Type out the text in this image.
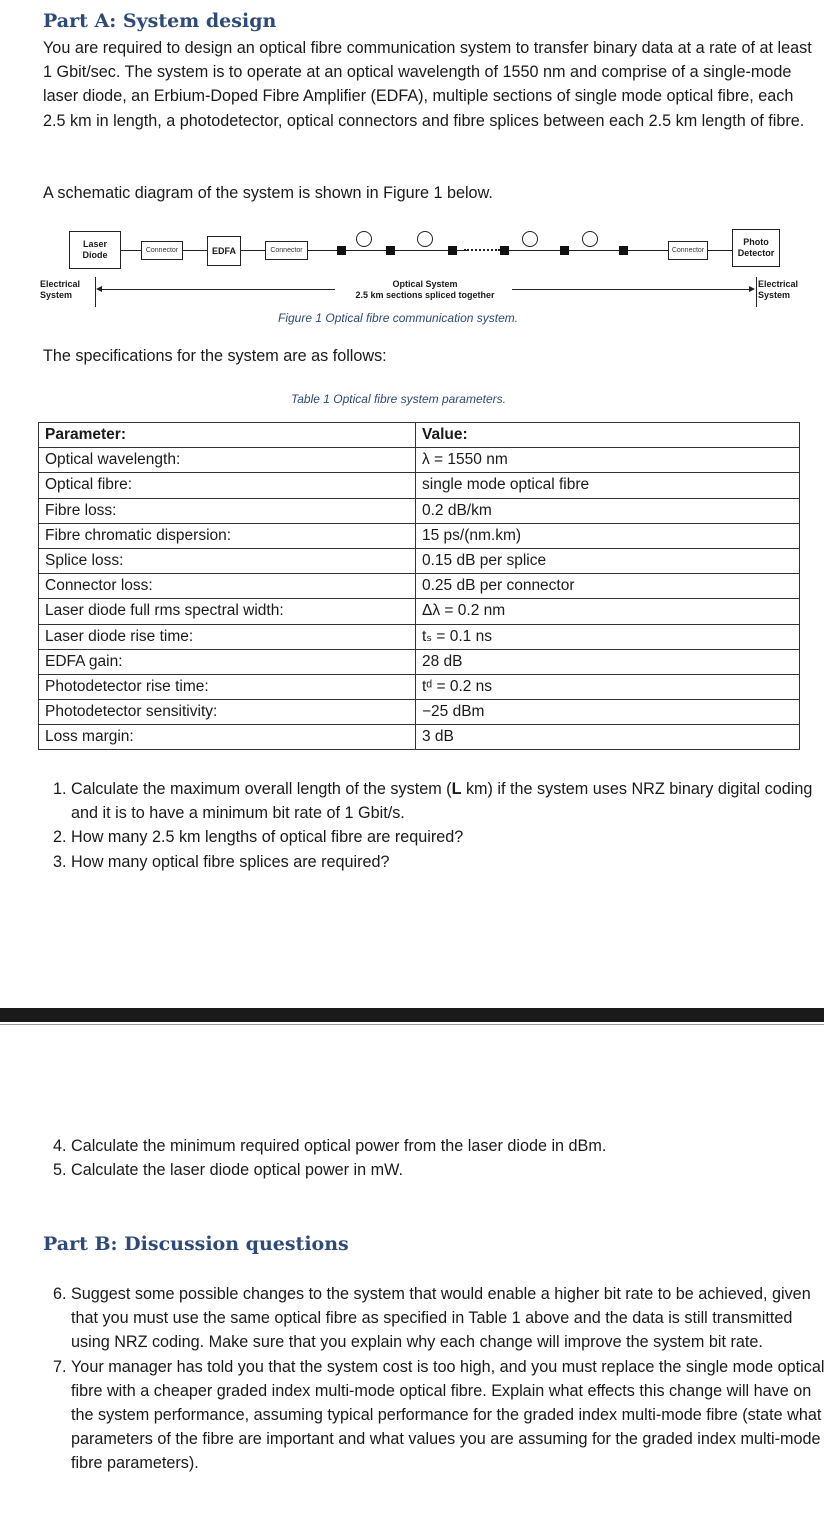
Part A: System design

You are required to design an optical fibre communication system to transfer binary data at a rate of at least 1 Gbit/sec. The system is to operate at an optical wavelength of 1550 nm and comprise of a single-mode laser diode, an Erbium-Doped Fibre Amplifier (EDFA), multiple sections of single mode optical fibre, each 2.5 km in length, a photodetector, optical connectors and fibre splices between each 2.5 km length of fibre.

A schematic diagram of the system is shown in Figure 1 below.

Laser Diode	Connector	EDFA	Connector	Connector
Photo Detector
Electrical System
Electrical System
Optical System
2.5 km sections spliced together

Figure 1 Optical fibre communication system.

The specifications for the system are as follows:

Table 1 Optical fibre system parameters.

Parameter:	Value:
Optical wavelength:	λ = 1550 nm
Optical fibre:	single mode optical fibre
Fibre loss:	0.2 dB/km
Fibre chromatic dispersion:	15 ps/(nm.km)
Splice loss:	0.15 dB per splice
Connector loss:	0.25 dB per connector
Laser diode full rms spectral width:	Δλ = 0.2 nm
Laser diode rise time:	tₛ = 0.1 ns
EDFA gain:	28 dB
Photodetector rise time:	tᵈ = 0.2 ns
Photodetector sensitivity:	−25 dBm
Loss margin:	3 dB
1. Calculate the maximum overall length of the system (L km) if the system uses NRZ binary digital coding and it is to have a minimum bit rate of 1 Gbit/s.
2. How many 2.5 km lengths of optical fibre are required?
3. How many optical fibre splices are required?
4. Calculate the minimum required optical power from the laser diode in dBm.
5. Calculate the laser diode optical power in mW.
Part B: Discussion questions
6. Suggest some possible changes to the system that would enable a higher bit rate to be achieved, given that you must use the same optical fibre as specified in Table 1 above and the data is still transmitted using NRZ coding. Make sure that you explain why each change will improve the system bit rate.
7. Your manager has told you that the system cost is too high, and you must replace the single mode optical fibre with a cheaper graded index multi-mode optical fibre. Explain what effects this change will have on the system performance, assuming typical performance for the graded index multi-mode fibre (state what parameters of the fibre are important and what values you are assuming for the graded index multi-mode fibre parameters).
